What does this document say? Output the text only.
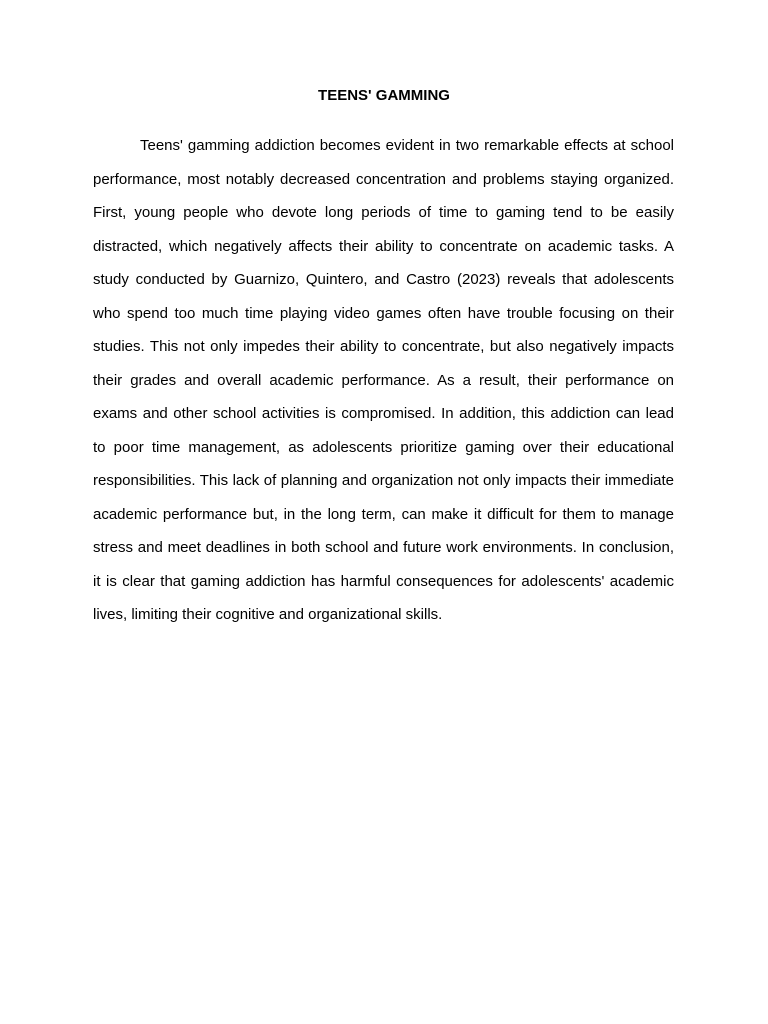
TEENS' GAMMING

Teens' gamming addiction becomes evident in two remarkable effects at school performance, most notably decreased concentration and problems staying organized. First, young people who devote long periods of time to gaming tend to be easily distracted, which negatively affects their ability to concentrate on academic tasks. A study conducted by Guarnizo, Quintero, and Castro (2023) reveals that adolescents who spend too much time playing video games often have trouble focusing on their studies. This not only impedes their ability to concentrate, but also negatively impacts their grades and overall academic performance. As a result, their performance on exams and other school activities is compromised. In addition, this addiction can lead to poor time management, as adolescents prioritize gaming over their educational responsibilities. This lack of planning and organization not only impacts their immediate academic performance but, in the long term, can make it difficult for them to manage stress and meet deadlines in both school and future work environments. In conclusion, it is clear that gaming addiction has harmful consequences for adolescents' academic lives, limiting their cognitive and organizational skills.
